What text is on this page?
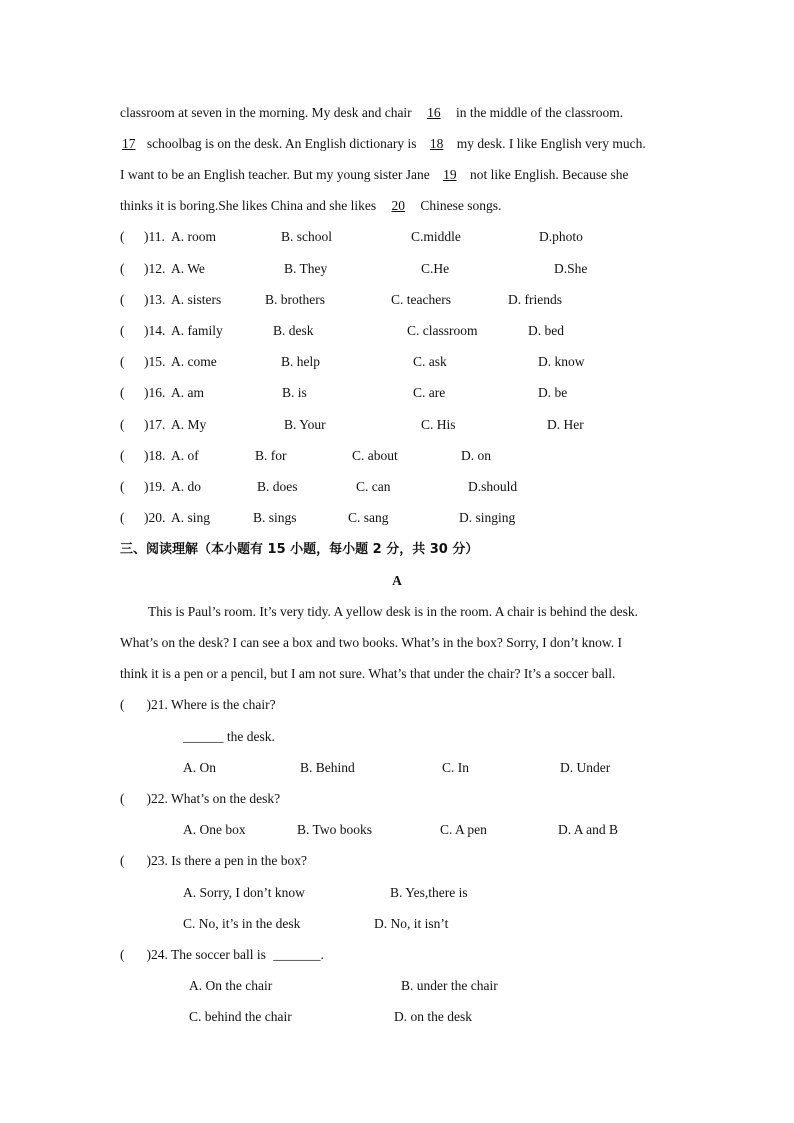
classroom at seven in the morning. My desk and chair 16 in the middle of the classroom.
17 schoolbag is on the desk. An English dictionary is 18 my desk. I like English very much.
I want to be an English teacher. But my young sister Jane 19 not like English. Because she
thinks it is boring.She likes China and she likes 20 Chinese songs.
( )11. A. room	B. school	C.middle	D.photo
( )12. A. We	B. They	C.He	D.She
( )13. A. sisters	B. brothers	C. teachers	D. friends
( )14. A. family	B. desk	C. classroom	D. bed
( )15. A. come	B. help	C. ask	D. know
( )16. A. am	B. is	C. are	D. be
( )17. A. My	B. Your	C. His	D. Her
( )18. A. of	B. for	C. about	D. on
( )19. A. do	B. does	C. can	D.should
( )20. A. sing	B. sings	C. sang	D. singing
三、阅读理解（本小题有 15 小题，每小题 2 分，共 30 分）
A
This is Paul’s room. It’s very tidy. A yellow desk is in the room. A chair is behind the desk.
What’s on the desk? I can see a box and two books. What’s in the box? Sorry, I don’t know. I
think it is a pen or a pencil, but I am not sure. What’s that under the chair? It’s a soccer ball.
( )21. Where is the chair?
______ the desk.
A. On	B. Behind	C. In	D. Under
( )22. What’s on the desk?
A. One box	B. Two books	C. A pen	D. A and B
( )23. Is there a pen in the box?
A. Sorry, I don’t know	B. Yes,there is
C. No, it’s in the desk	D. No, it isn’t
( )24. The soccer ball is _______.
A. On the chair	B. under the chair
C. behind the chair	D. on the desk
